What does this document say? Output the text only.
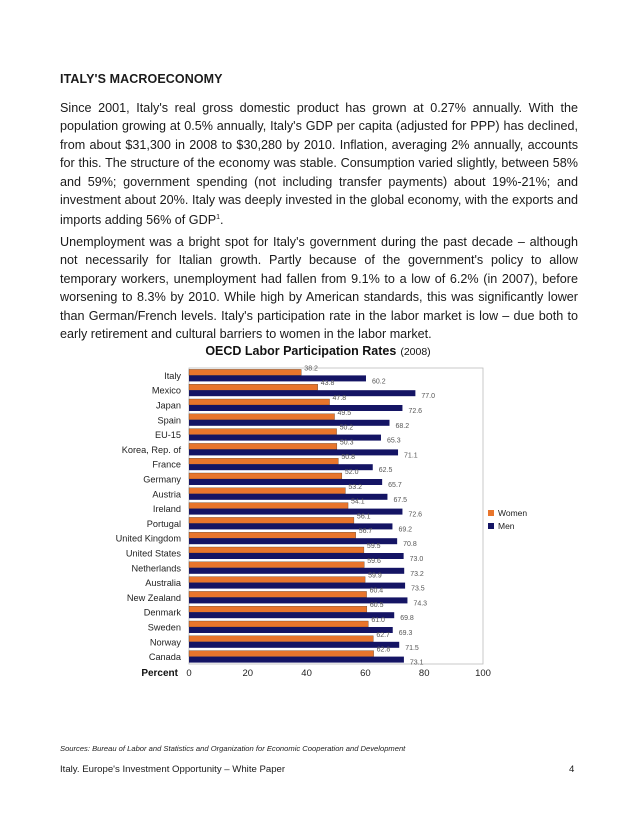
ITALY'S MACROECONOMY

Since 2001, Italy's real gross domestic product has grown at 0.27% annually. With the population growing at 0.5% annually, Italy's GDP per capita (adjusted for PPP) has declined, from about $31,300 in 2008 to $30,280 by 2010. Inflation, averaging 2% annually, accounts for this. The structure of the economy was stable. Consumption varied slightly, between 58% and 59%; government spending (not including transfer payments) about 19%-21%; and investment about 20%. Italy was deeply invested in the global economy, with the exports and imports adding 56% of GDP$^1$.

Unemployment was a bright spot for Italy's government during the past decade – although not necessarily for Italian growth. Partly because of the government's policy to allow temporary workers, unemployment had fallen from 9.1% to a low of 6.2% (in 2007), before worsening to 8.3% by 2010. While high by American standards, this was significantly lower than German/French levels. Italy's participation rate in the labor market is low – due both to early retirement and cultural barriers to women in the labor market.

OECD Labor Participation Rates (2008)
Italy
38.2
60.2
Mexico
43.8
77.0
Japan
47.8
72.6
Spain
49.5
68.2
EU-15
50.2
65.3
Korea, Rep. of
50.3
71.1
France
50.8
62.5
Germany
52.0
65.7
Austria
53.2
67.5
Ireland
54.1
72.6
Portugal
56.1
69.2
United Kingdom
56.7
70.8
United States
59.5
73.0
Netherlands
59.6
73.2
Australia
59.9
73.5
New Zealand
60.4
74.3
Denmark
60.5
69.8
Sweden
61.0
69.3
Norway
62.7
71.5
Canada
62.8
73.1
0	20	40	60	80	100
Percent
Women
Men
Sources: Bureau of Labor and Statistics and Organization for Economic Cooperation and Development
Italy. Europe's Investment Opportunity – White Paper	4
